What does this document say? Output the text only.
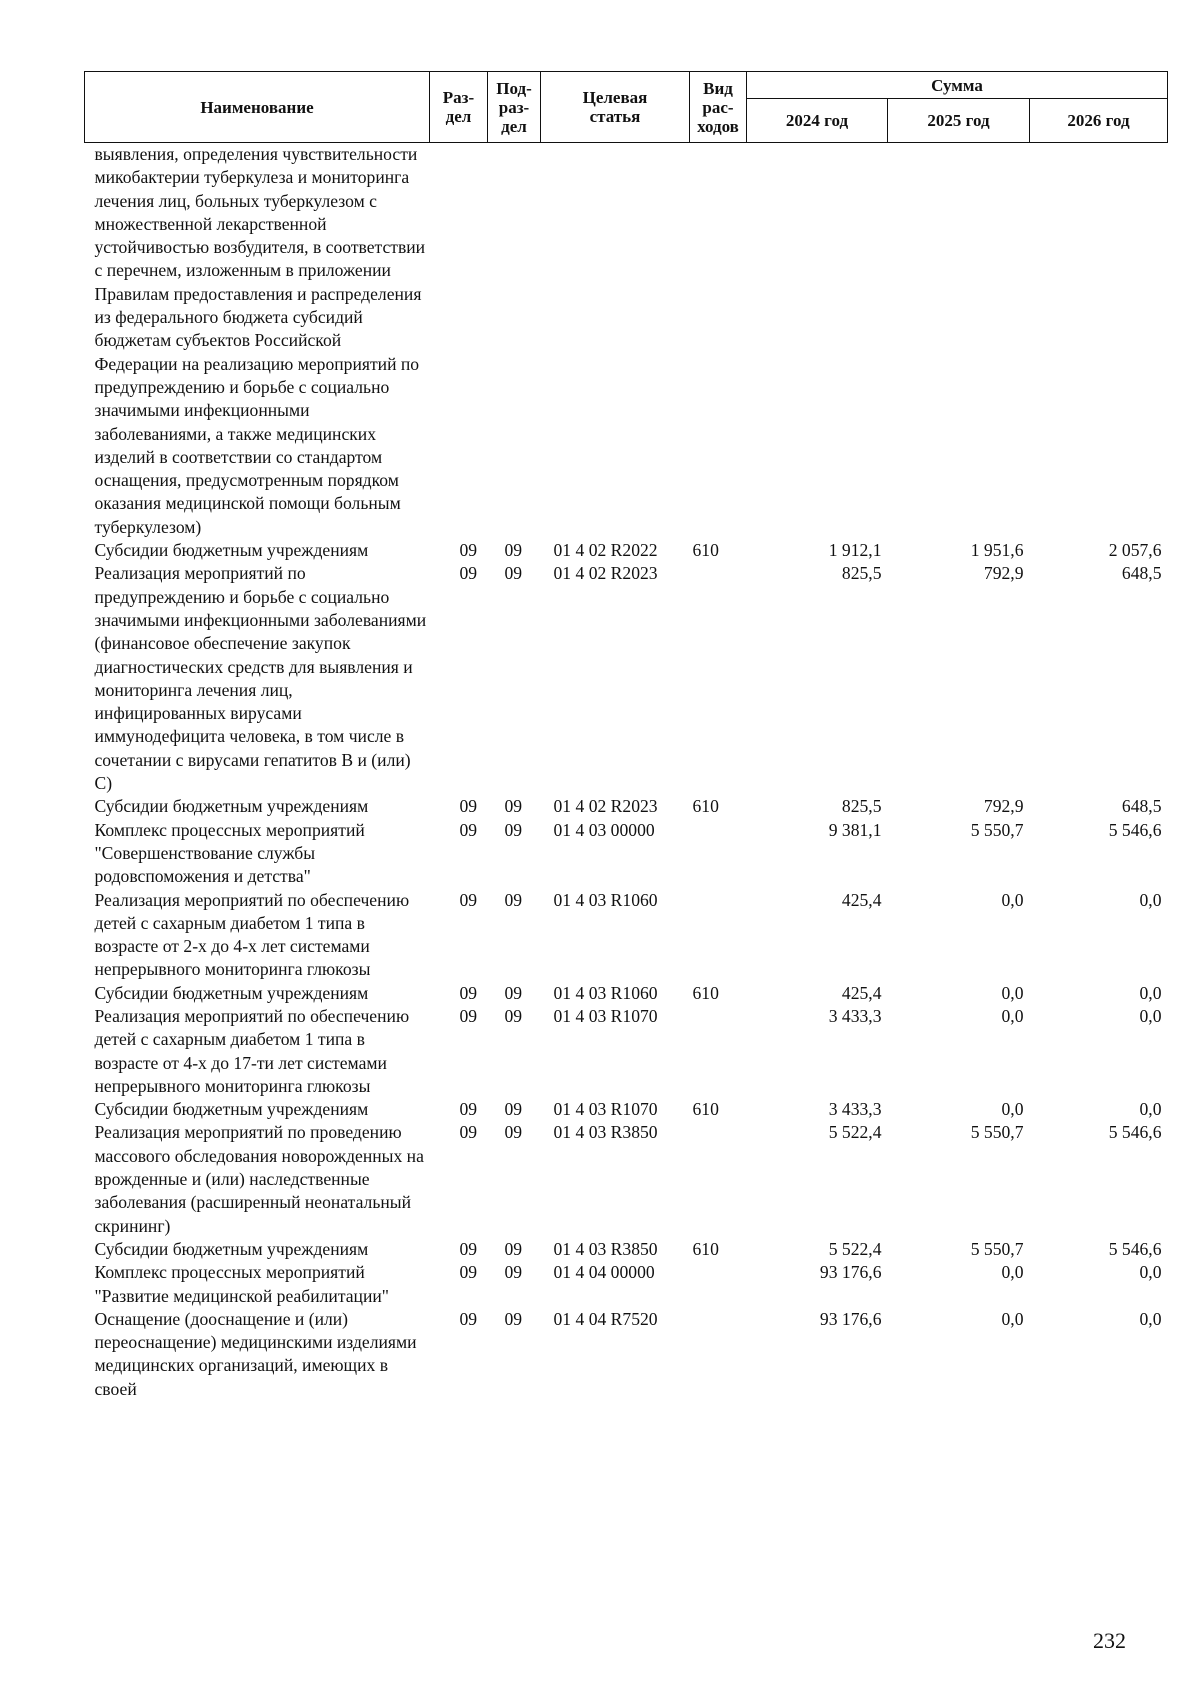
Наименование	Раз- дел	Под- раз- дел	Целевая статья	Вид рас- ходов	Сумма		
					2024 год	2025 год	2026 год
выявления, определения чувствительности микобактерии туберкулеза и мониторинга лечения лиц, больных туберкулезом с множественной лекарственной устойчивостью возбудителя, в соответствии с перечнем, изложенным в приложении Правилам предоставления и распределения из федерального бюджета субсидий бюджетам субъектов Российской Федерации на реализацию мероприятий по предупреждению и борьбе с социально значимыми инфекционными заболеваниями, а также медицинских изделий в соответствии со стандартом оснащения, предусмотренным порядком оказания медицинской помощи больным туберкулезом)							
Субсидии бюджетным учреждениям	09	09	01 4 02 R2022	610	1 912,1	1 951,6	2 057,6
Реализация мероприятий по предупреждению и борьбе с социально значимыми инфекционными заболеваниями (финансовое обеспечение закупок диагностических средств для выявления и мониторинга лечения лиц, инфицированных вирусами иммунодефицита человека, в том числе в сочетании с вирусами гепатитов В и (или) С)	09	09	01 4 02 R2023		825,5	792,9	648,5
Субсидии бюджетным учреждениям	09	09	01 4 02 R2023	610	825,5	792,9	648,5
Комплекс процессных мероприятий "Совершенствование службы родовспоможения и детства"	09	09	01 4 03 00000		9 381,1	5 550,7	5 546,6
Реализация мероприятий по обеспечению детей с сахарным диабетом 1 типа в возрасте от 2-х до 4-х лет системами непрерывного мониторинга глюкозы	09	09	01 4 03 R1060		425,4	0,0	0,0
Субсидии бюджетным учреждениям	09	09	01 4 03 R1060	610	425,4	0,0	0,0
Реализация мероприятий по обеспечению детей с сахарным диабетом 1 типа в возрасте от 4-х до 17-ти лет системами непрерывного мониторинга глюкозы	09	09	01 4 03 R1070		3 433,3	0,0	0,0
Субсидии бюджетным учреждениям	09	09	01 4 03 R1070	610	3 433,3	0,0	0,0
Реализация мероприятий по проведению массового обследования новорожденных на врожденные и (или) наследственные заболевания (расширенный неонатальный скрининг)	09	09	01 4 03 R3850		5 522,4	5 550,7	5 546,6
Субсидии бюджетным учреждениям	09	09	01 4 03 R3850	610	5 522,4	5 550,7	5 546,6
Комплекс процессных мероприятий "Развитие медицинской реабилитации"	09	09	01 4 04 00000		93 176,6	0,0	0,0
Оснащение (дооснащение и (или) переоснащение) медицинскими изделиями медицинских организаций, имеющих в своей	09	09	01 4 04 R7520		93 176,6	0,0	0,0
232
